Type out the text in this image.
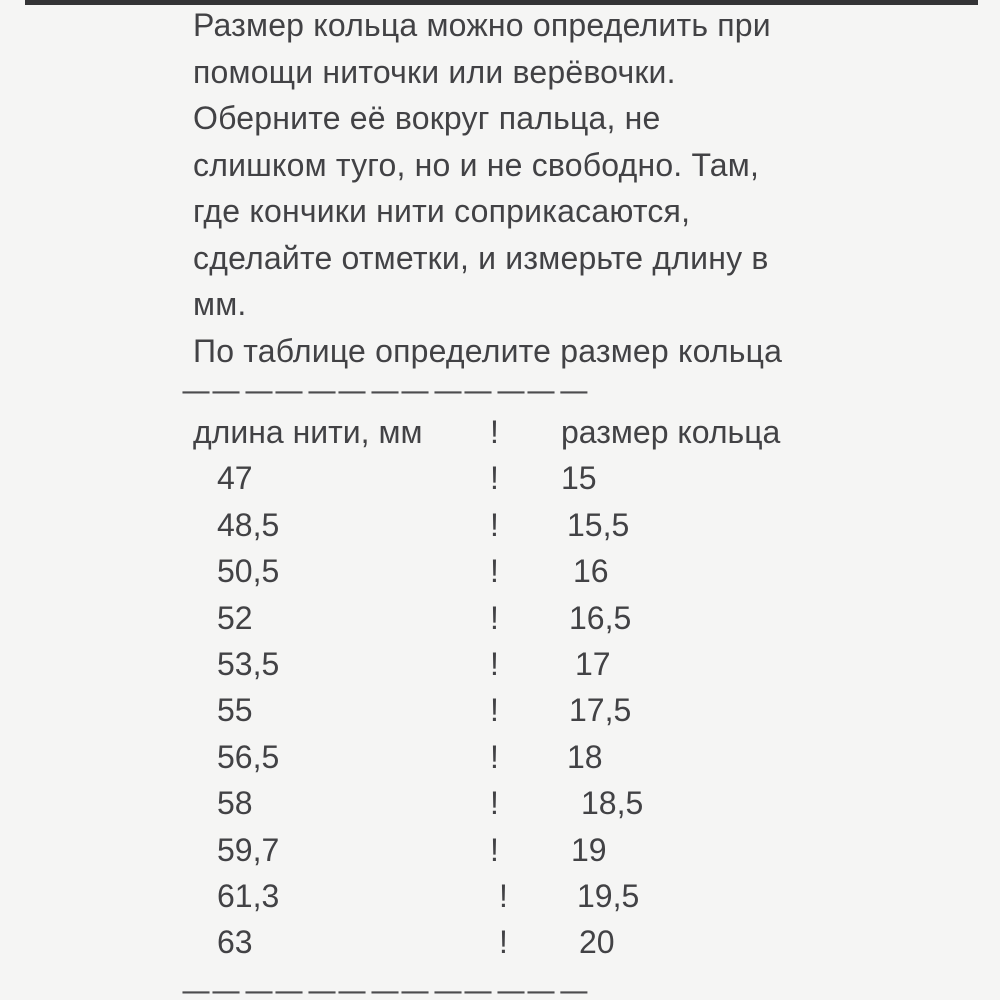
Размер кольца можно определить при
помощи ниточки или верёвочки.
Оберните её вокруг пальца, не
слишком туго, но и не свободно. Там,
где кончики нити соприкасаются,
сделайте отметки, и измерьте длину в
мм.
По таблице определите размер кольца
—— —— —— —— —— —— —
длина нити, мм	!	размер кольца
47	!	15
48,5	!	15,5
50,5	!	16
52	!	16,5
53,5	!	17
55	!	17,5
56,5	!	18
58	!	18,5
59,7	!	19
61,3	!	19,5
63	!	20
—— —— —— —— —— —— —
